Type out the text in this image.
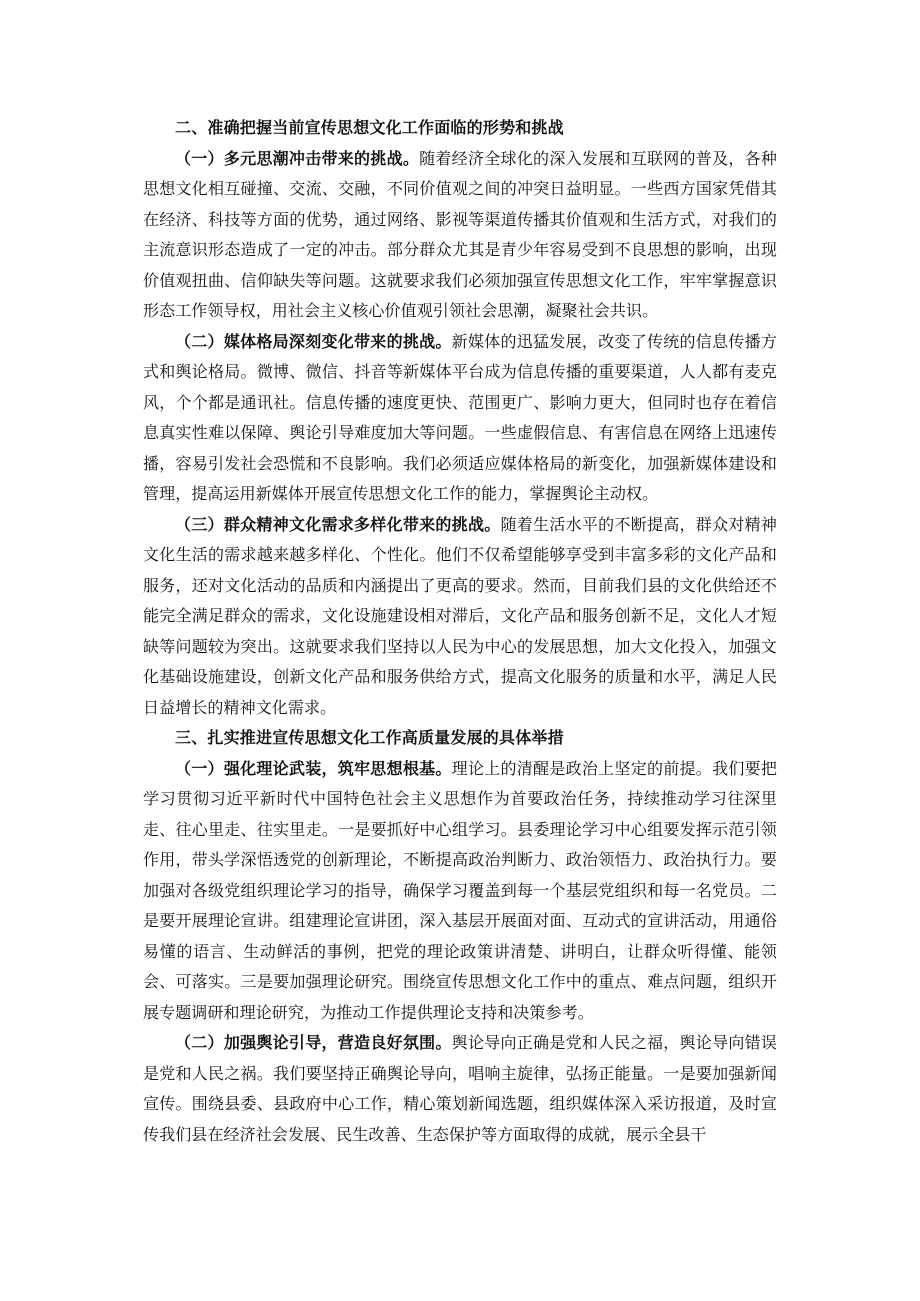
二、准确把握当前宣传思想文化工作面临的形势和挑战

（一）多元思潮冲击带来的挑战。随着经济全球化的深入发展和互联网的普及，各种思想文化相互碰撞、交流、交融，不同价值观之间的冲突日益明显。一些西方国家凭借其在经济、科技等方面的优势，通过网络、影视等渠道传播其价值观和生活方式，对我们的主流意识形态造成了一定的冲击。部分群众尤其是青少年容易受到不良思想的影响，出现价值观扭曲、信仰缺失等问题。这就要求我们必须加强宣传思想文化工作，牢牢掌握意识形态工作领导权，用社会主义核心价值观引领社会思潮，凝聚社会共识。

（二）媒体格局深刻变化带来的挑战。新媒体的迅猛发展，改变了传统的信息传播方式和舆论格局。微博、微信、抖音等新媒体平台成为信息传播的重要渠道，人人都有麦克风，个个都是通讯社。信息传播的速度更快、范围更广、影响力更大，但同时也存在着信息真实性难以保障、舆论引导难度加大等问题。一些虚假信息、有害信息在网络上迅速传播，容易引发社会恐慌和不良影响。我们必须适应媒体格局的新变化，加强新媒体建设和管理，提高运用新媒体开展宣传思想文化工作的能力，掌握舆论主动权。

（三）群众精神文化需求多样化带来的挑战。随着生活水平的不断提高，群众对精神文化生活的需求越来越多样化、个性化。他们不仅希望能够享受到丰富多彩的文化产品和服务，还对文化活动的品质和内涵提出了更高的要求。然而，目前我们县的文化供给还不能完全满足群众的需求，文化设施建设相对滞后，文化产品和服务创新不足，文化人才短缺等问题较为突出。这就要求我们坚持以人民为中心的发展思想，加大文化投入，加强文化基础设施建设，创新文化产品和服务供给方式，提高文化服务的质量和水平，满足人民日益增长的精神文化需求。

三、扎实推进宣传思想文化工作高质量发展的具体举措

（一）强化理论武装，筑牢思想根基。理论上的清醒是政治上坚定的前提。我们要把学习贯彻习近平新时代中国特色社会主义思想作为首要政治任务，持续推动学习往深里走、往心里走、往实里走。一是要抓好中心组学习。县委理论学习中心组要发挥示范引领作用，带头学深悟透党的创新理论，不断提高政治判断力、政治领悟力、政治执行力。要加强对各级党组织理论学习的指导，确保学习覆盖到每一个基层党组织和每一名党员。二是要开展理论宣讲。组建理论宣讲团，深入基层开展面对面、互动式的宣讲活动，用通俗易懂的语言、生动鲜活的事例，把党的理论政策讲清楚、讲明白，让群众听得懂、能领会、可落实。三是要加强理论研究。围绕宣传思想文化工作中的重点、难点问题，组织开展专题调研和理论研究，为推动工作提供理论支持和决策参考。

（二）加强舆论引导，营造良好氛围。舆论导向正确是党和人民之福，舆论导向错误是党和人民之祸。我们要坚持正确舆论导向，唱响主旋律，弘扬正能量。一是要加强新闻宣传。围绕县委、县政府中心工作，精心策划新闻选题，组织媒体深入采访报道，及时宣传我们县在经济社会发展、民生改善、生态保护等方面取得的成就，展示全县干
